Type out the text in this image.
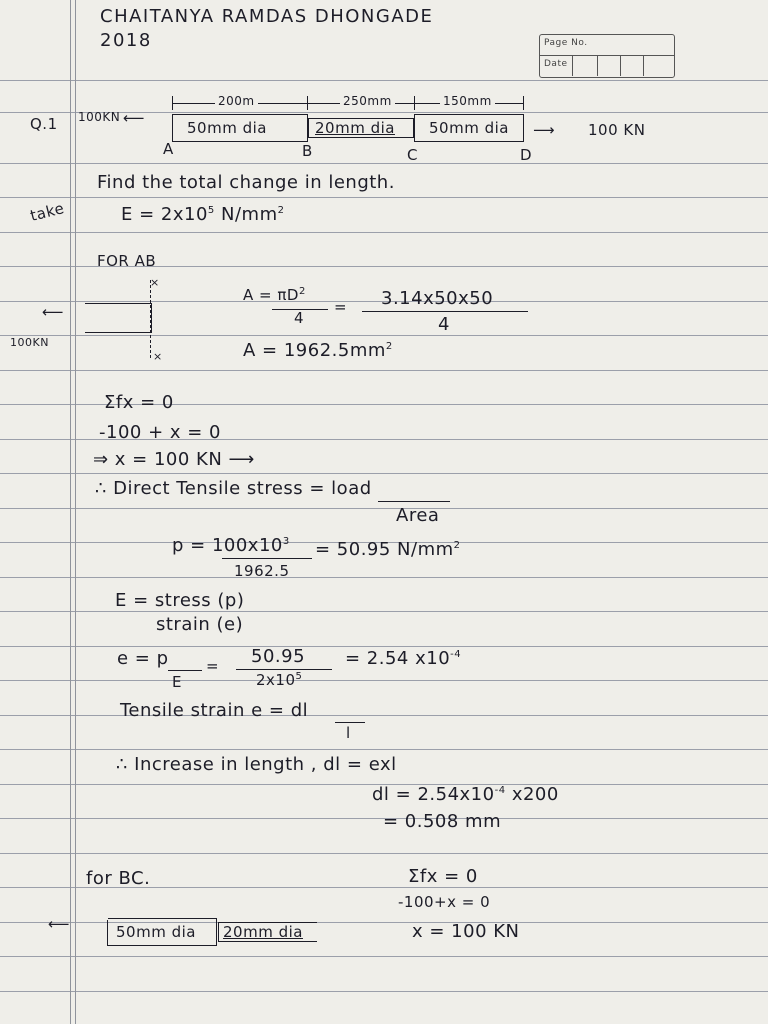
CHAITANYA RAMDAS DHONGADE
2018	Page No.
Date
Q.1 100KN ⟵
200m	250mm	150mm
50mm dia	20mm dia 50mm dia ⟶ 100 KN
A	B	C	D
Find the total change in length.
take	$E = 2x10^5$ $N/mm^2$
FOR AB
×
×
⟵
100KN
$A = \pi D^2$
4
= 3.14x50x50
4
$A = 1962.5mm^2$
Σfx = 0
-100 + x = 0
⇒ x = 100 KN ⟶
∴ Direct Tensile stress = load
Area
$p = 100x10^3$
1962.5
= 50.95 $N/mm^2$
E = stress (p)
strain (e)
e = p
E
= 50.95
$2x10^5$
= 2.54 $x10^{-4}$
Tensile strain e = dl
l
∴ Increase in length , dl = exl
dl = $2.54x10^{-4}$ x200
= 0.508 mm
for BC.	Σfx = 0
-100+x = 0
x = 100 KN
⟵	50mm dia 20mm dia
